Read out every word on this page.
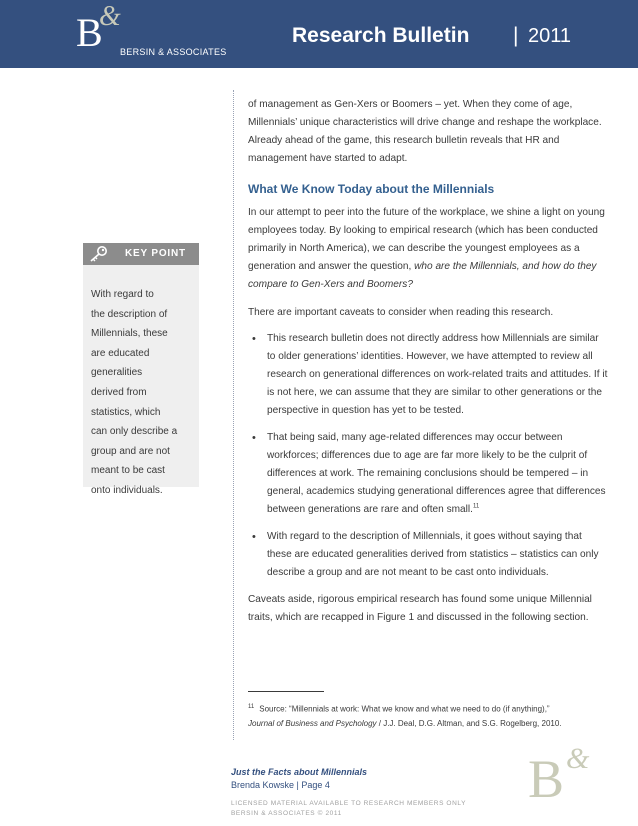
B
&
BERSIN & ASSOCIATES
Research Bulletin | 2011
KEY POINT
With regard to
the description of
Millennials, these
are educated
generalities
derived from
statistics, which
can only describe a
group and are not
meant to be cast
onto individuals.

of management as Gen-Xers or Boomers – yet. When they come of age, Millennials’ unique characteristics will drive change and reshape the workplace. Already ahead of the game, this research bulletin reveals that HR and management have started to adapt.

What We Know Today about the Millennials

In our attempt to peer into the future of the workplace, we shine a light on young employees today. By looking to empirical research (which has been conducted primarily in North America), we can describe the youngest employees as a generation and answer the question, who are the Millennials, and how do they compare to Gen-Xers and Boomers?

There are important caveats to consider when reading this research.

• This research bulletin does not directly address how Millennials are similar to older generations’ identities. However, we have attempted to review all research on generational differences on work-related traits and attitudes. If it is not here, we can assume that they are similar to other generations or the perspective in question has yet to be tested.
• That being said, many age-related differences may occur between workforces; differences due to age are far more likely to be the culprit of differences at work. The remaining conclusions should be tempered – in general, academics studying generational differences agree that differences between generations are rare and often small.$^{11}$
• With regard to the description of Millennials, it goes without saying that these are educated generalities derived from statistics – statistics can only describe a group and are not meant to be cast onto individuals.

Caveats aside, rigorous empirical research has found some unique Millennial traits, which are recapped in Figure 1 and discussed in the following section.

$^{11}$ Source: “Millennials at work: What we know and what we need to do (if anything),”
Journal of Business and Psychology / J.J. Deal, D.G. Altman, and S.G. Rogelberg, 2010.
Just the Facts about Millennials
Brenda Kowske | Page 4
LICENSED MATERIAL AVAILABLE TO RESEARCH MEMBERS ONLY
BERSIN & ASSOCIATES © 2011
B &
